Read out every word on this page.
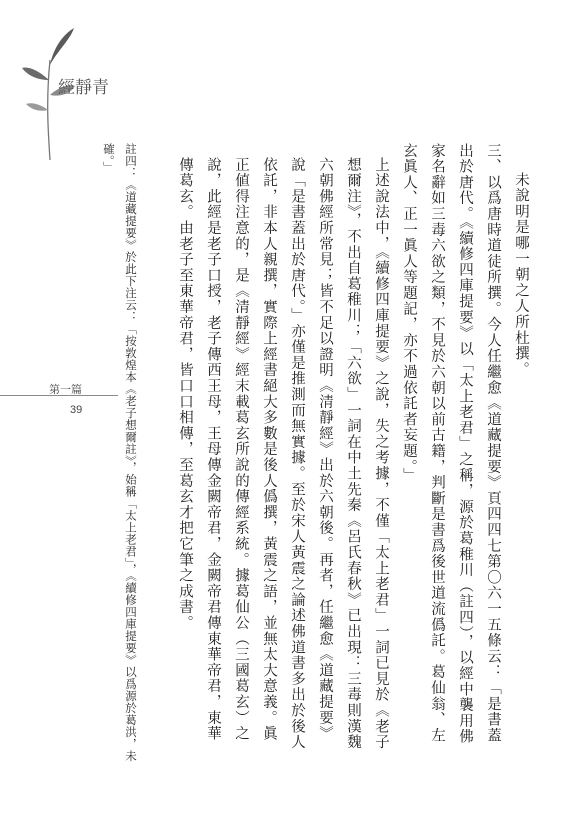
青
靜
經
第一篇
39

未說明是哪一朝之人所杜撰。

三、以爲唐時道徒所撰。今人任繼愈《道藏提要》頁四四七第〇六一五條云：「是書蓋出於唐代。《續修四庫提要》以「太上老君」之稱，源於葛稚川（註四），以經中襲用佛家名辭如三毒六欲之類，不見於六朝以前古籍，判斷是書爲後世道流僞託。葛仙翁、左玄眞人、正一眞人等題記，亦不過依託者妄題。」

上述說法中，《續修四庫提要》之說，失之考據，不僅「太上老君」一詞已見於《老子想爾注》，不出自葛稚川；「六欲」一詞在中土先秦《呂氏春秋》已出現：三毒則漢魏六朝佛經所常見；皆不足以證明《清靜經》出於六朝後。再者，任繼愈《道藏提要》說「是書蓋出於唐代。」亦僅是推測而無實據。至於宋人黃震之論述佛道書多出於後人依託，非本人親撰，實際上經書絕大多數是後人僞撰，黃震之語，並無太大意義。眞正値得注意的，是《清靜經》經末載葛玄所說的傳經系統。據葛仙公（三國葛玄）之說，此經是老子口授，老子傳西王母，王母傳金闕帝君，金闕帝君傳東華帝君，東華傳葛玄。由老子至東華帝君，皆口口相傳，至葛玄才把它筆之成書。

註四：《道藏提要》於此下注云：「按敦煌本《老子想爾註》，始稱「太上老君」，《續修四庫提要》以爲源於葛洪，未確。」
